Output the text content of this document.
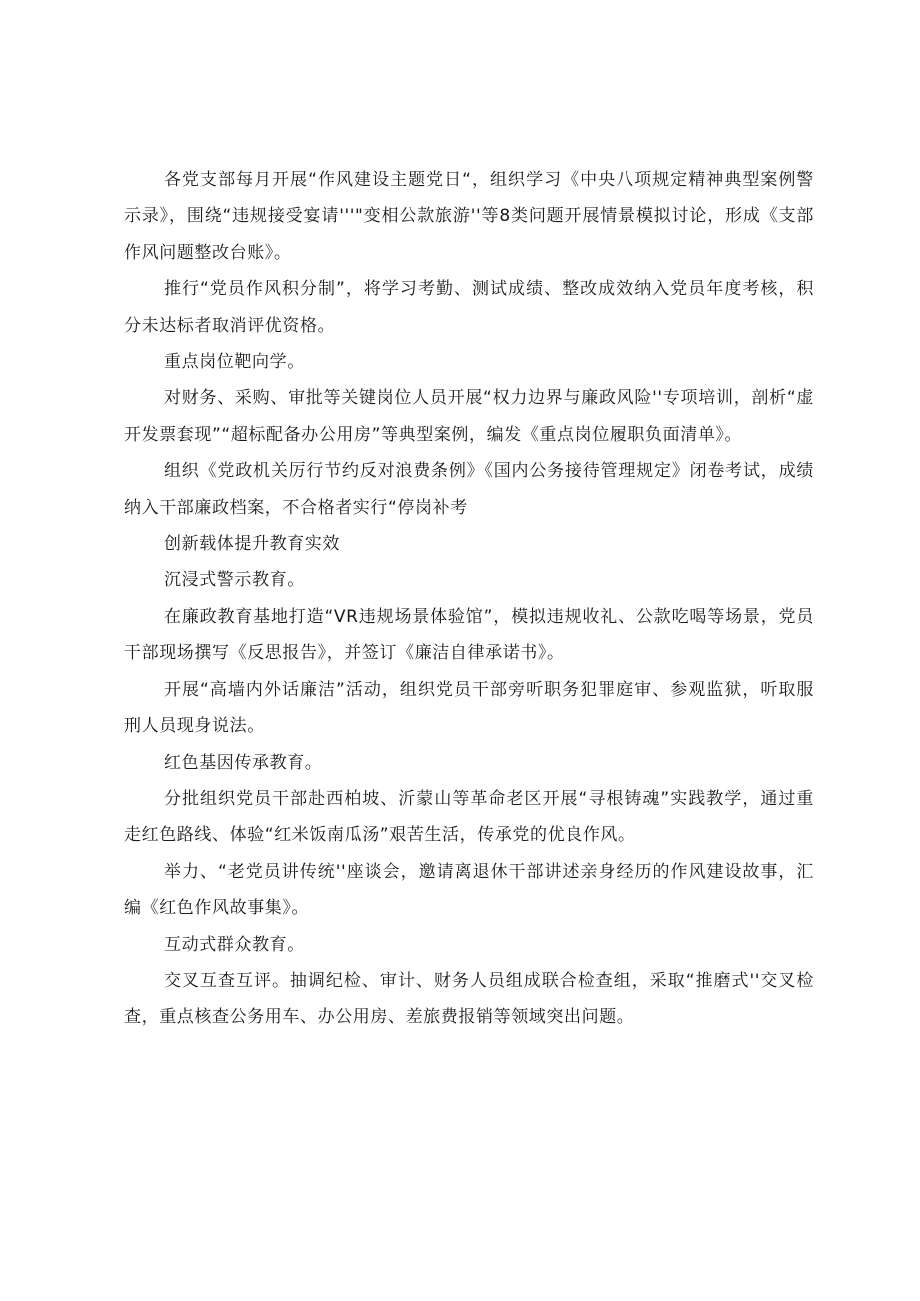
各党支部每月开展“作风建设主题党日“，组织学习《中央八项规定精神典型案例警示录》，围绕“违规接受宴请'''"变相公款旅游''等8类问题开展情景模拟讨论，形成《支部作风问题整改台账》。

推行“党员作风积分制”，将学习考勤、测试成绩、整改成效纳入党员年度考核，积分未达标者取消评优资格。

重点岗位靶向学。

对财务、采购、审批等关键岗位人员开展“权力边界与廉政风险''专项培训，剖析“虚开发票套现”“超标配备办公用房”等典型案例，编发《重点岗位履职负面清单》。

组织《党政机关厉行节约反对浪费条例》《国内公务接待管理规定》闭卷考试，成绩纳入干部廉政档案，不合格者实行“停岗补考

创新载体提升教育实效

沉浸式警示教育。

在廉政教育基地打造“VR违规场景体验馆”，模拟违规收礼、公款吃喝等场景，党员干部现场撰写《反思报告》，并签订《廉洁自律承诺书》。

开展“高墙内外话廉洁”活动，组织党员干部旁听职务犯罪庭审、参观监狱，听取服刑人员现身说法。

红色基因传承教育。

分批组织党员干部赴西柏坡、沂蒙山等革命老区开展“寻根铸魂”实践教学，通过重走红色路线、体验“红米饭南瓜汤”艰苦生活，传承党的优良作风。

举力、“老党员讲传统''座谈会，邀请离退休干部讲述亲身经历的作风建设故事，汇编《红色作风故事集》。

互动式群众教育。

交叉互查互评。抽调纪检、审计、财务人员组成联合检查组，采取“推磨式''交叉检查，重点核查公务用车、办公用房、差旅费报销等领域突出问题。
